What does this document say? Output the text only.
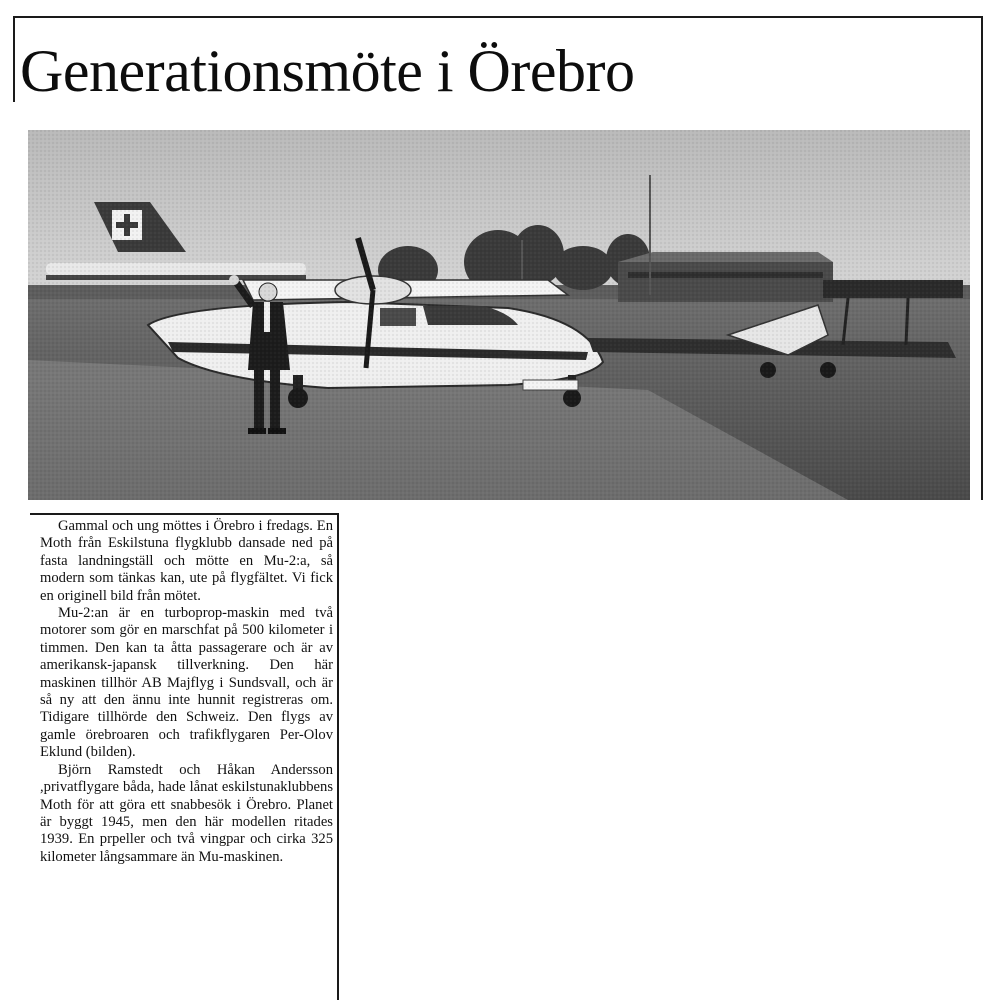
Generationsmöte i Örebro

Gammal och ung möttes i Örebro i fredags. En Moth från Eskilstuna flygklubb dansade ned på fasta landningställ och mötte en Mu-2:a, så modern som tänkas kan, ute på flygfältet. Vi fick en originell bild från mötet.

Mu-2:an är en turboprop-maskin med två motorer som gör en marschfat på 500 kilometer i timmen. Den kan ta åtta passagerare och är av amerikansk-japansk tillverkning. Den här maskinen tillhör AB Majflyg i Sundsvall, och är så ny att den ännu inte hunnit registreras om. Tidigare tillhörde den Schweiz. Den flygs av gamle örebroaren och trafikflygaren Per-Olov Eklund (bilden).

Björn Ramstedt och Håkan Andersson ,privatflygare båda, hade lånat eskilstunaklubbens Moth för att göra ett snabbesök i Örebro. Planet är byggt 1945, men den här modellen ritades 1939. En prpeller och två vingpar och cirka 325 kilometer långsammare än Mu-maskinen.
